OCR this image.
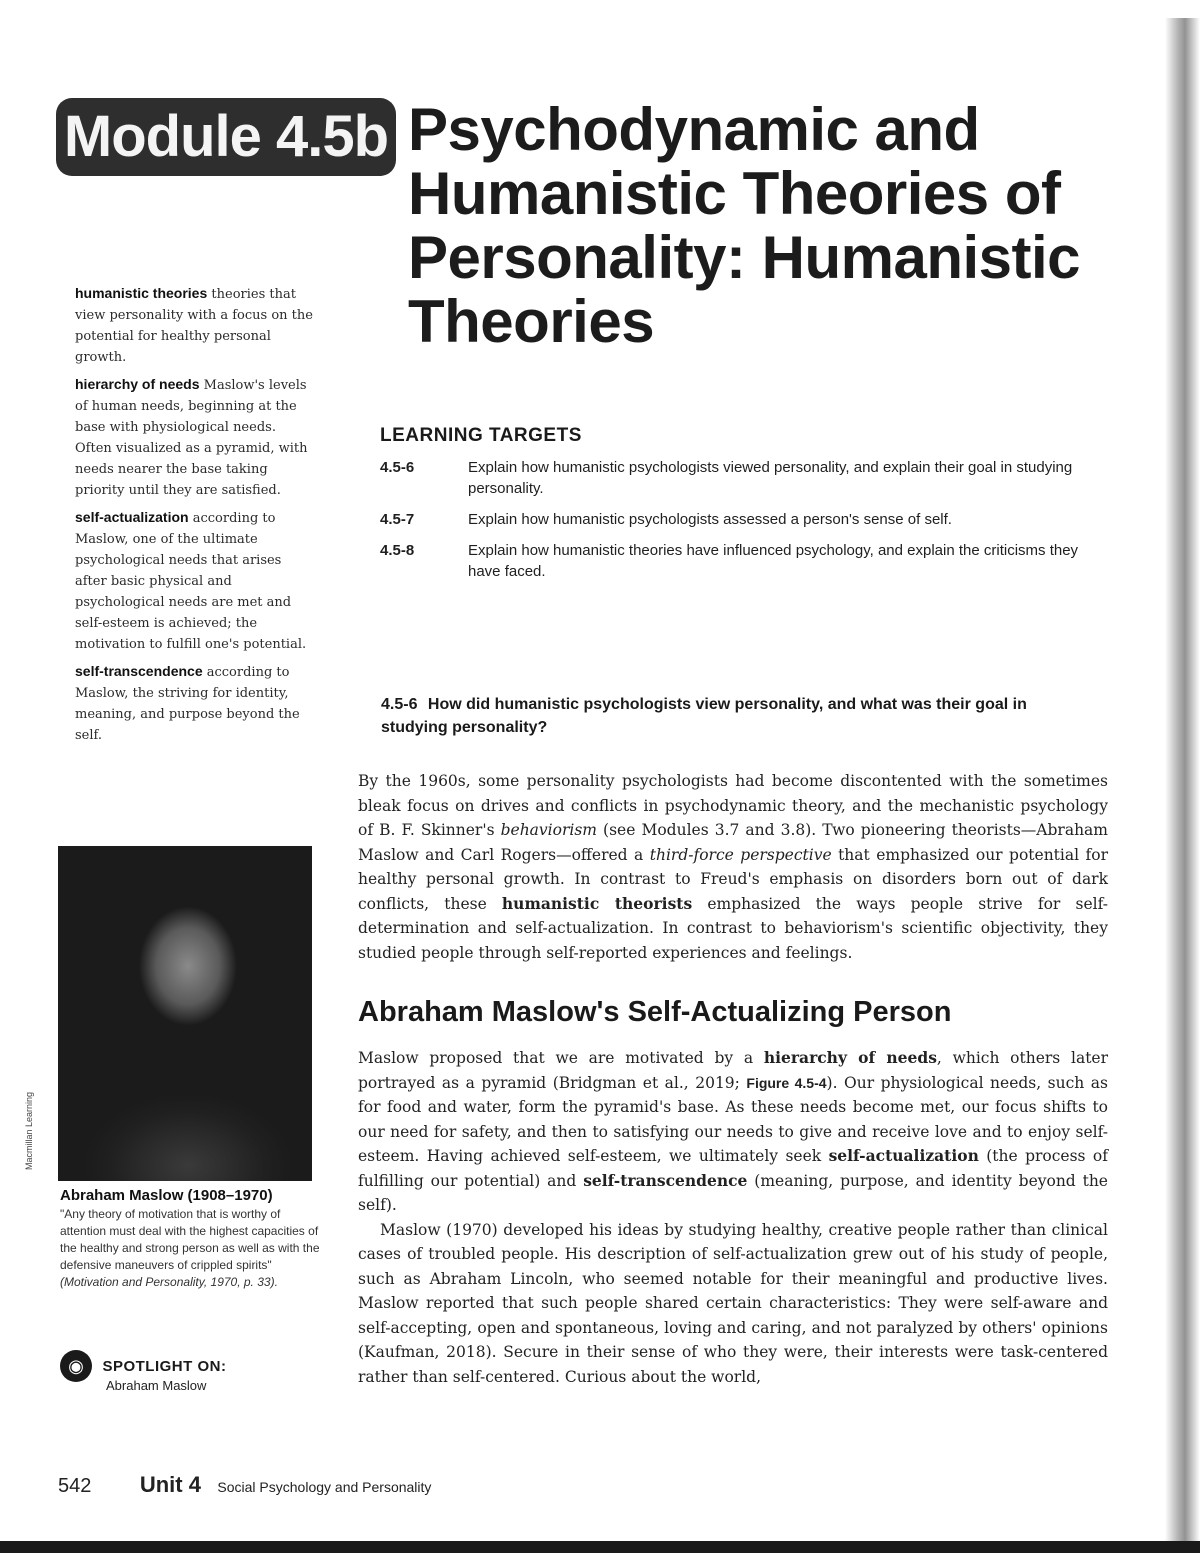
Module 4.5b Psychodynamic and
Humanistic Theories of
Personality: Humanistic
Theories
humanistic theories theories that view personality with a focus on the potential for healthy personal growth.
hierarchy of needs Maslow's levels of human needs, beginning at the base with physiological needs. Often visualized as a pyramid, with needs nearer the base taking priority until they are satisfied.
self-actualization according to Maslow, one of the ultimate psychological needs that arises after basic physical and psychological needs are met and self-esteem is achieved; the motivation to fulfill one's potential.
self-transcendence according to Maslow, the striving for identity, meaning, and purpose beyond the self.
Macmillan Learning
Abraham Maslow (1908–1970)
"Any theory of motivation that is worthy of attention must deal with the highest capacities of the healthy and strong person as well as with the defensive maneuvers of crippled spirits" (Motivation and Personality, 1970, p. 33).
◉ SPOTLIGHT ON:
Abraham Maslow
LEARNING TARGETS
4.5-6	Explain how humanistic psychologists viewed personality, and explain their goal in studying personality.
4.5-7	Explain how humanistic psychologists assessed a person's sense of self.
4.5-8	Explain how humanistic theories have influenced psychology, and explain the criticisms they have faced.
4.5-6 How did humanistic psychologists view personality, and what was their goal in studying personality?

By the 1960s, some personality psychologists had become discontented with the sometimes bleak focus on drives and conflicts in psychodynamic theory, and the mechanistic psychology of B. F. Skinner's behaviorism (see Modules 3.7 and 3.8). Two pioneering theorists—Abraham Maslow and Carl Rogers—offered a third-force perspective that emphasized our potential for healthy personal growth. In contrast to Freud's emphasis on disorders born out of dark conflicts, these humanistic theorists emphasized the ways people strive for self-determination and self-actualization. In contrast to behaviorism's scientific objectivity, they studied people through self-reported experiences and feelings.

Abraham Maslow's Self-Actualizing Person

Maslow proposed that we are motivated by a hierarchy of needs, which others later portrayed as a pyramid (Bridgman et al., 2019; Figure 4.5-4). Our physiological needs, such as for food and water, form the pyramid's base. As these needs become met, our focus shifts to our need for safety, and then to satisfying our needs to give and receive love and to enjoy self-esteem. Having achieved self-esteem, we ultimately seek self-actualization (the process of fulfilling our potential) and self-transcendence (meaning, purpose, and identity beyond the self).

Maslow (1970) developed his ideas by studying healthy, creative people rather than clinical cases of troubled people. His description of self-actualization grew out of his study of people, such as Abraham Lincoln, who seemed notable for their meaningful and productive lives. Maslow reported that such people shared certain characteristics: They were self-aware and self-accepting, open and spontaneous, loving and caring, and not paralyzed by others' opinions (Kaufman, 2018). Secure in their sense of who they were, their interests were task-centered rather than self-centered. Curious about the world,

542 Unit 4 Social Psychology and Personality
